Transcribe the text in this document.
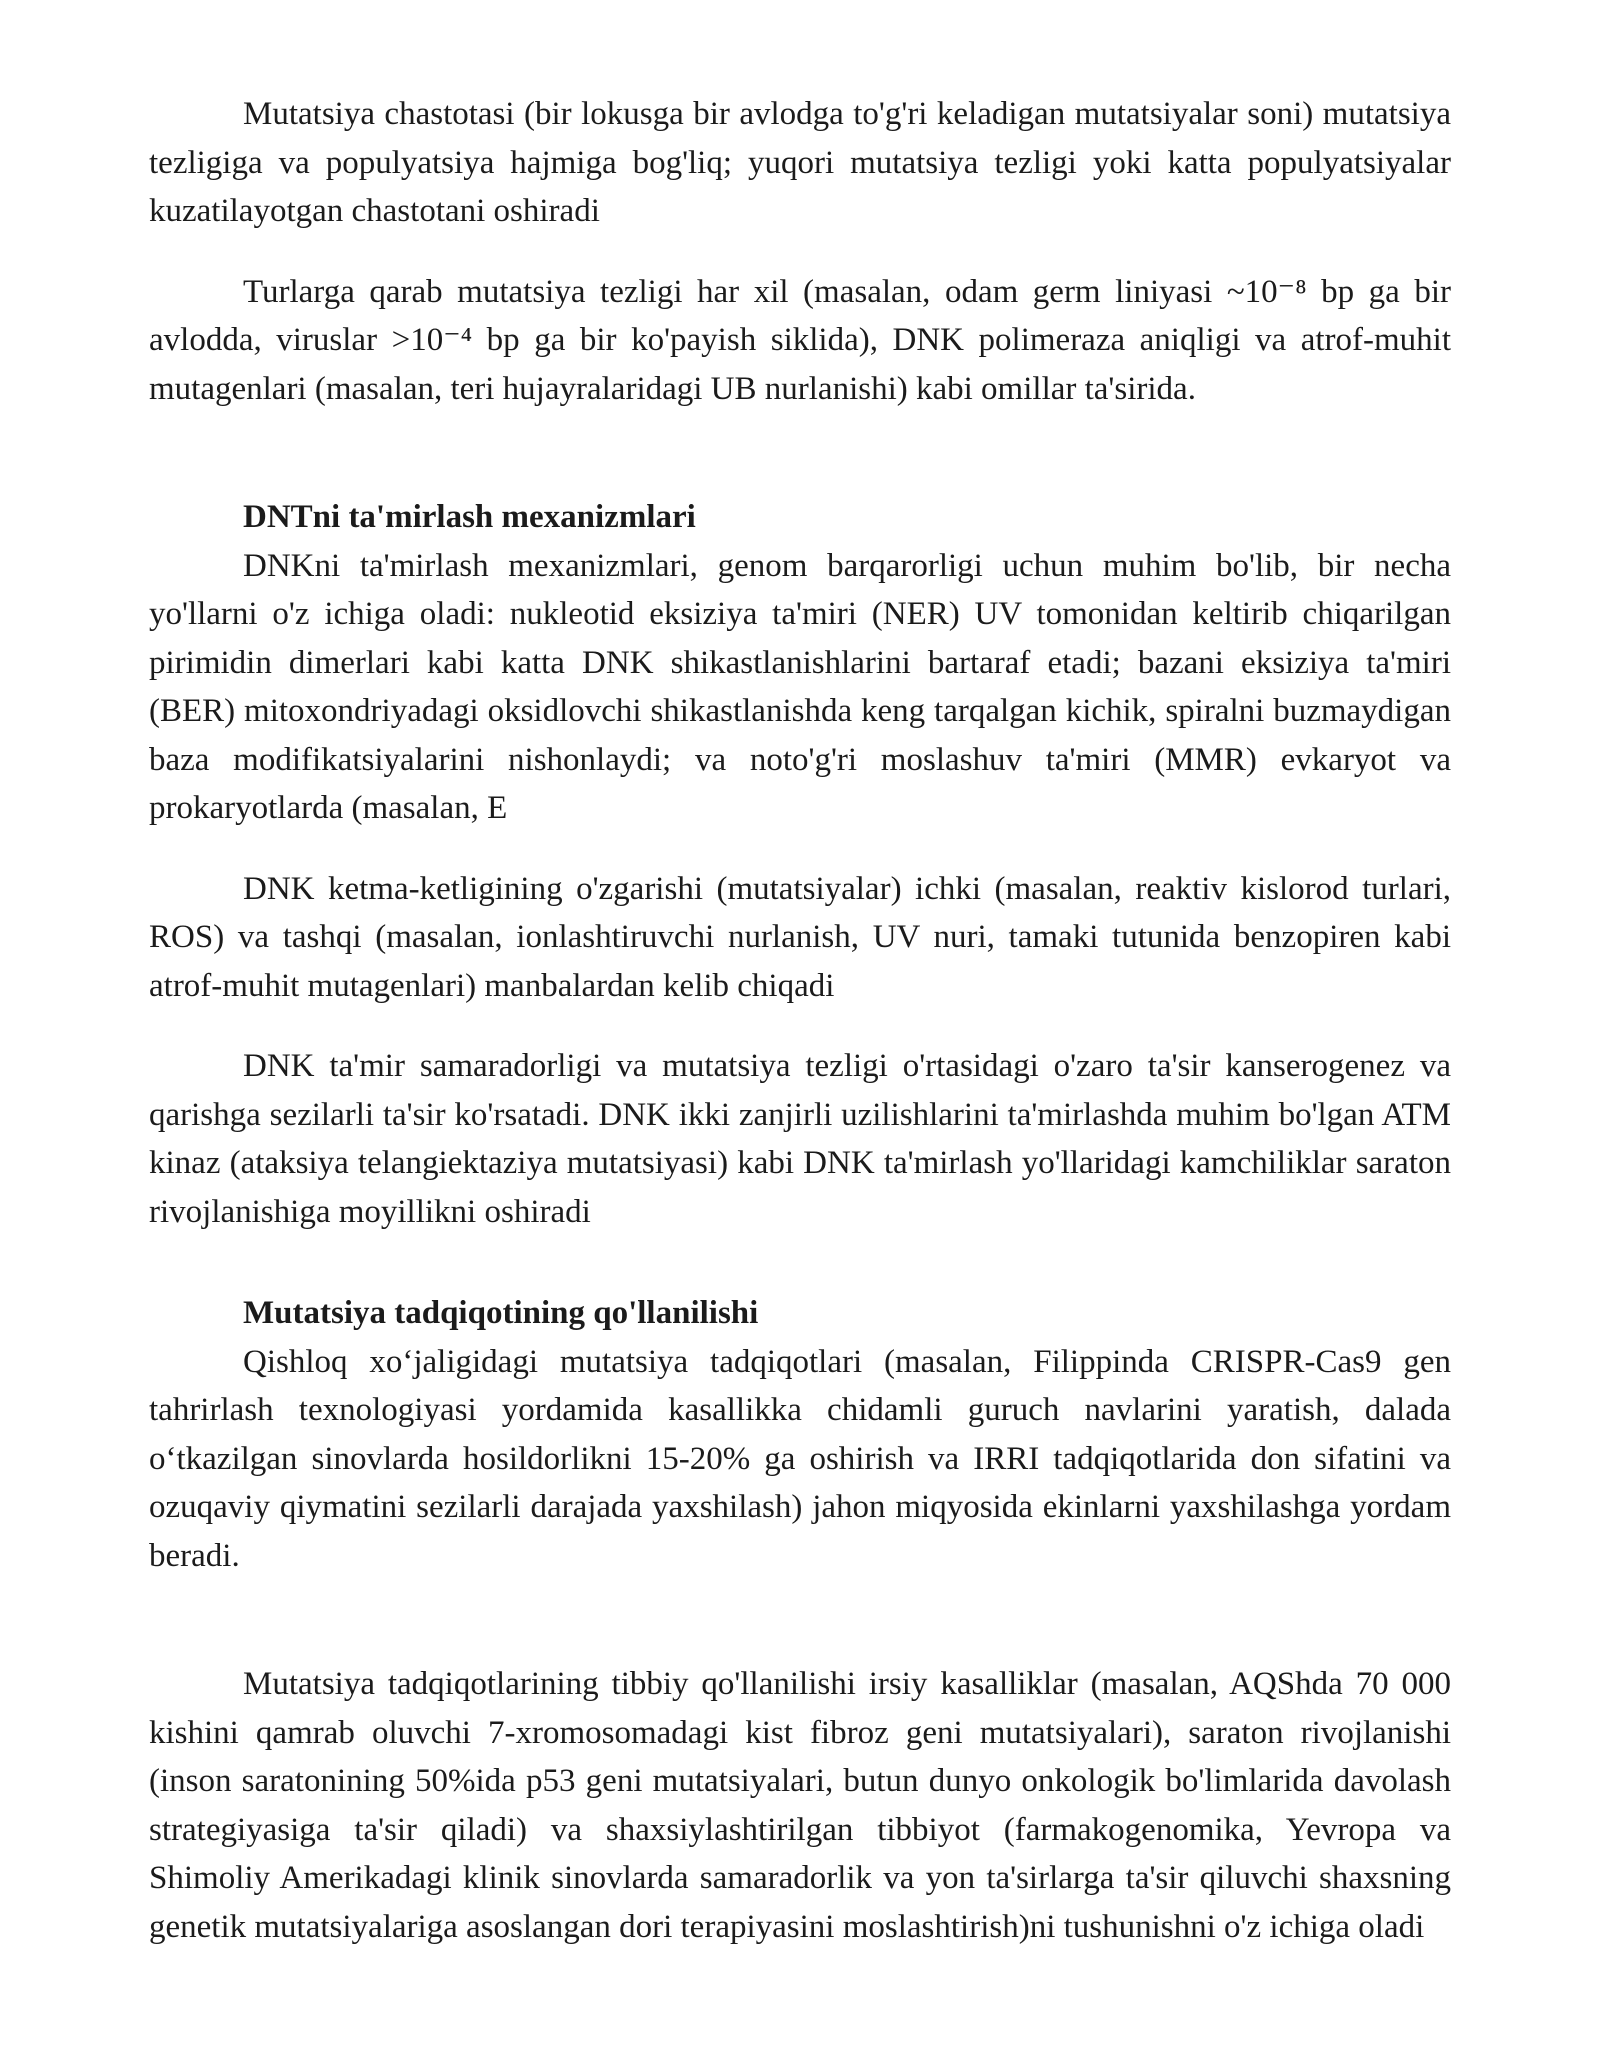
Mutatsiya chastotasi (bir lokusga bir avlodga to'g'ri keladigan mutatsiyalar soni) mutatsiya tezligiga va populyatsiya hajmiga bog'liq; yuqori mutatsiya tezligi yoki katta populyatsiyalar kuzatilayotgan chastotani oshiradi

Turlarga qarab mutatsiya tezligi har xil (masalan, odam germ liniyasi ~10⁻⁸ bp ga bir avlodda, viruslar >10⁻⁴ bp ga bir ko'payish siklida), DNK polimeraza aniqligi va atrof-muhit mutagenlari (masalan, teri hujayralaridagi UB nurlanishi) kabi omillar ta'sirida.

DNTni ta'mirlash mexanizmlari

DNKni ta'mirlash mexanizmlari, genom barqarorligi uchun muhim bo'lib, bir necha yo'llarni o'z ichiga oladi: nukleotid eksiziya ta'miri (NER) UV tomonidan keltirib chiqarilgan pirimidin dimerlari kabi katta DNK shikastlanishlarini bartaraf etadi; bazani eksiziya ta'miri (BER) mitoxondriyadagi oksidlovchi shikastlanishda keng tarqalgan kichik, spiralni buzmaydigan baza modifikatsiyalarini nishonlaydi; va noto'g'ri moslashuv ta'miri (MMR) evkaryot va prokaryotlarda (masalan, E

DNK ketma-ketligining o'zgarishi (mutatsiyalar) ichki (masalan, reaktiv kislorod turlari, ROS) va tashqi (masalan, ionlashtiruvchi nurlanish, UV nuri, tamaki tutunida benzopiren kabi atrof-muhit mutagenlari) manbalardan kelib chiqadi

DNK ta'mir samaradorligi va mutatsiya tezligi o'rtasidagi o'zaro ta'sir kanserogenez va qarishga sezilarli ta'sir ko'rsatadi. DNK ikki zanjirli uzilishlarini ta'mirlashda muhim bo'lgan ATM kinaz (ataksiya telangiektaziya mutatsiyasi) kabi DNK ta'mirlash yo'llaridagi kamchiliklar saraton rivojlanishiga moyillikni oshiradi

Mutatsiya tadqiqotining qo'llanilishi

Qishloq xo‘jaligidagi mutatsiya tadqiqotlari (masalan, Filippinda CRISPR-Cas9 gen tahrirlash texnologiyasi yordamida kasallikka chidamli guruch navlarini yaratish, dalada o‘tkazilgan sinovlarda hosildorlikni 15-20% ga oshirish va IRRI tadqiqotlarida don sifatini va ozuqaviy qiymatini sezilarli darajada yaxshilash) jahon miqyosida ekinlarni yaxshilashga yordam beradi.

Mutatsiya tadqiqotlarining tibbiy qo'llanilishi irsiy kasalliklar (masalan, AQShda 70 000 kishini qamrab oluvchi 7-xromosomadagi kist fibroz geni mutatsiyalari), saraton rivojlanishi (inson saratonining 50%ida p53 geni mutatsiyalari, butun dunyo onkologik bo'limlarida davolash strategiyasiga ta'sir qiladi) va shaxsiylashtirilgan tibbiyot (farmakogenomika, Yevropa va Shimoliy Amerikadagi klinik sinovlarda samaradorlik va yon ta'sirlarga ta'sir qiluvchi shaxsning genetik mutatsiyalariga asoslangan dori terapiyasini moslashtirish)ni tushunishni o'z ichiga oladi
